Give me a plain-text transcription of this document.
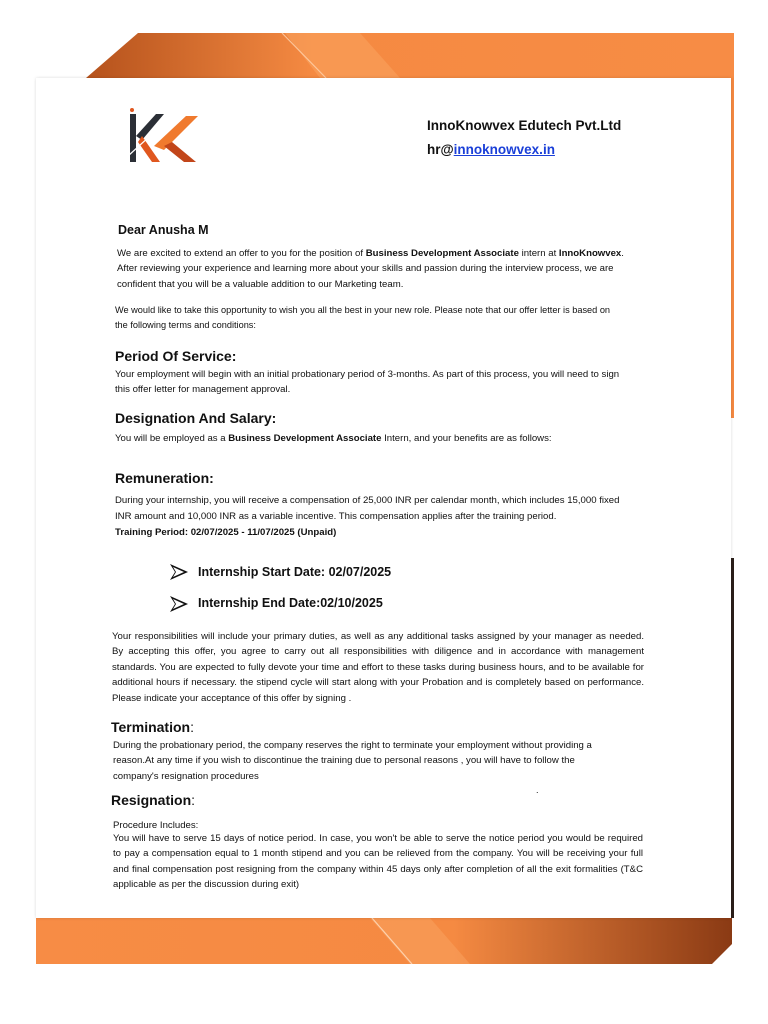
InnoKnowvex Edutech Pvt.Ltd
hr@innoknowvex.in
Dear Anusha M
We are excited to extend an offer to you for the position of Business Development Associate intern at InnoKnowvex.
After reviewing your experience and learning more about your skills and passion during the interview process, we are
confident that you will be a valuable addition to our Marketing team.
We would like to take this opportunity to wish you all the best in your new role. Please note that our offer letter is based on
the following terms and conditions:
Period Of Service:
Your employment will begin with an initial probationary period of 3-months. As part of this process, you will need to sign
this offer letter for management approval.
Designation And Salary:
You will be employed as a Business Development Associate Intern, and your benefits are as follows:
Remuneration:
During your internship, you will receive a compensation of 25,000 INR per calendar month, which includes 15,000 fixed
INR amount and 10,000 INR as a variable incentive. This compensation applies after the training period.
Training Period: 02/07/2025 - 11/07/2025 (Unpaid)
Internship Start Date: 02/07/2025
Internship End Date:02/10/2025
Your responsibilities will include your primary duties, as well as any additional tasks assigned by your manager as needed. By accepting this offer, you agree to carry out all responsibilities with diligence and in accordance with management standards. You are expected to fully devote your time and effort to these tasks during business hours, and to be available for additional hours if necessary. the stipend cycle will start along with your Probation and is completely based on performance. Please indicate your acceptance of this offer by signing .
Termination:
During the probationary period, the company reserves the right to terminate your employment without providing a
reason.At any time if you wish to discontinue the training due to personal reasons , you will have to follow the
company's resignation procedures
Resignation:
.
Procedure Includes:
You will have to serve 15 days of notice period. In case, you won't be able to serve the notice period you would be required to pay a compensation equal to 1 month stipend and you can be relieved from the company. You will be receiving your full and final compensation post resigning from the company within 45 days only after completion of all the exit formalities (T&C applicable as per the discussion during exit)
